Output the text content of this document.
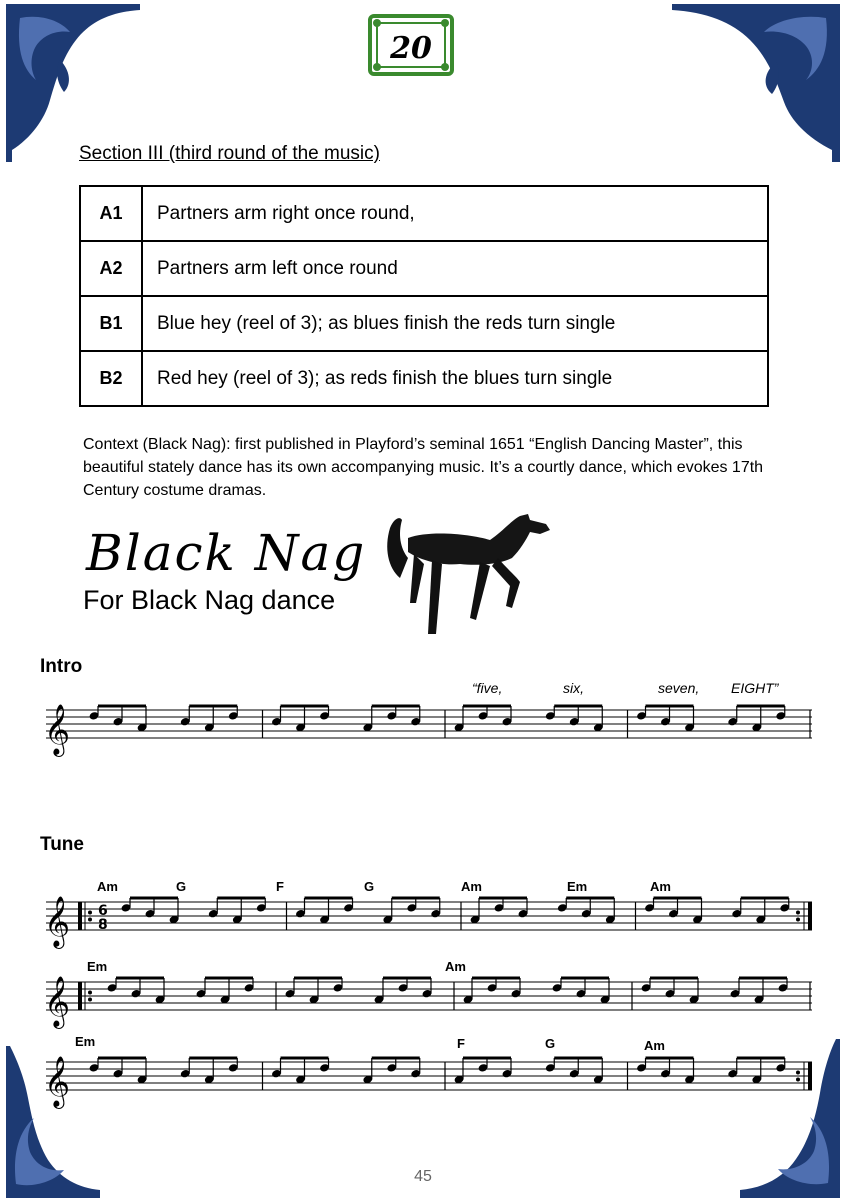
20
Section III (third round of the music)
A1	Partners arm right once round,
A2	Partners arm left once round
B1	Blue hey (reel of 3); as blues finish the reds turn single
B2	Red hey (reel of 3); as reds finish the blues turn single
Context (Black Nag): first published in Playford’s seminal 1651 “English Dancing Master”, this beautiful stately dance has its own accompanying music. It’s a courtly dance, which evokes 17th Century costume dramas.
Black Nag
For Black Nag dance
Intro
“five,	six,	seven, EIGHT”
𝄞
Tune
Am	G	F	G	Am	Em	Am
𝄞 6
8
Em	Am
𝄞
Em	F	G	Am
𝄞
45
